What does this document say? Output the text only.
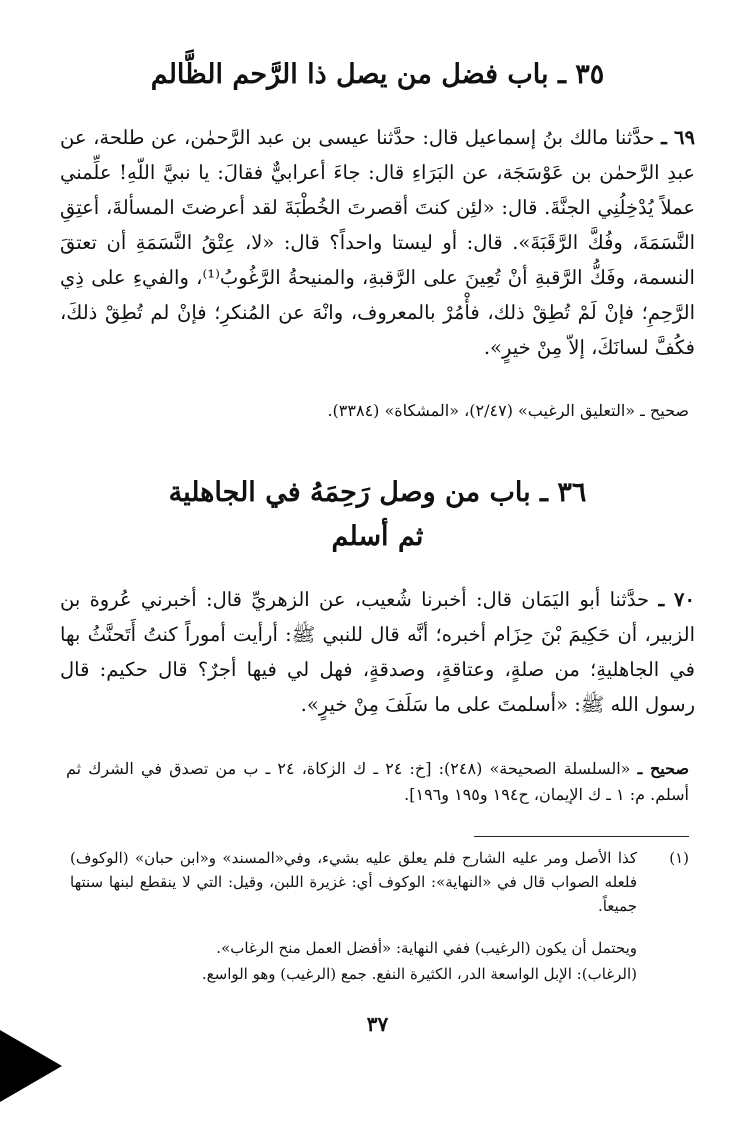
٣٥ ـ باب فضل من يصل ذا الرَّحم الظَّالم

٦٩ ـ حدَّثنا مالك بنُ إسماعيل قال: حدَّثنا عيسى بن عبد الرَّحمٰن، عن طلحة، عن عبدِ الرَّحمٰن بن عَوْسَجَة، عن البَرَاءِ قال: جاءَ أعرابيٌّ فقالَ: يا نبيَّ اللّهِ! علِّمني عملاً يُدْخِلُنِي الجنَّةَ. قال: «لئِن كنتَ أقصرتَ الخُطْبَةَ لقد أعرضتَ المسألةَ، أعتِقِ النَّسَمَةَ، وفُكَّ الرَّقَبَةَ». قال: أو ليستا واحداً؟ قال: «لا، عِتْقُ النَّسَمَةِ أن تعتقَ النسمة، وفَكُّ الرَّقبةِ أنْ تُعِينَ على الرَّقبةِ، والمنيحةُ الرَّغُوبُ⁽¹⁾، والفيءِ على ذِي الرَّحِمِ؛ فإنْ لَمْ تُطِقْ ذلك، فأْمُرْ بالمعروف، وانْهَ عن المُنكرِ؛ فإنْ لم تُطِقْ ذلكَ، فكُفَّ لسانَكَ، إلاّ مِنْ خيرٍ».

صحيح ـ «التعليق الرغيب» (٢/٤٧)، «المشكاة» (٣٣٨٤).

٣٦ ـ باب من وصل رَحِمَهُ في الجاهلية
ثم أسلم

٧٠ ـ حدَّثنا أبو اليَمَان قال: أخبرنا شُعيب، عن الزهريِّ قال: أخبرني عُروة بن الزبير، أن حَكِيمَ بْنَ حِزَام أخبره؛ أنَّه قال للنبي ﷺ: أرأيت أموراً كنتُ أَتَحنَّثُ بها في الجاهليةِ؛ من صلةٍ، وعتاقةٍ، وصدقةٍ، فهل لي فيها أجرٌ؟ قال حكيم: قال رسول الله ﷺ: «أسلمتَ على ما سَلَفَ مِنْ خيرٍ».

صحيح ـ «السلسلة الصحيحة» (٢٤٨): [خ: ٢٤ ـ ك الزكاة، ٢٤ ـ ب من تصدق في الشرك ثم أسلم. م: ١ ـ ك الإيمان، ح١٩٤ و١٩٥ و١٩٦].

(١)
كذا الأصل ومر عليه الشارح فلم يعلق عليه بشيء، وفي«المسند» و«ابن حبان» (الوكوف) فلعله الصواب قال في «النهاية»: الوكوف أي: غزيرة اللبن، وقيل: التي لا ينقطع لبنها سنتها جميعاً.

ويحتمل أن يكون (الرغيب) ففي النهاية: «أفضل العمل منح الرغاب».

(الرغاب): الإبل الواسعة الدر، الكثيرة النفع. جمع (الرغيب) وهو الواسع.

٣٧
